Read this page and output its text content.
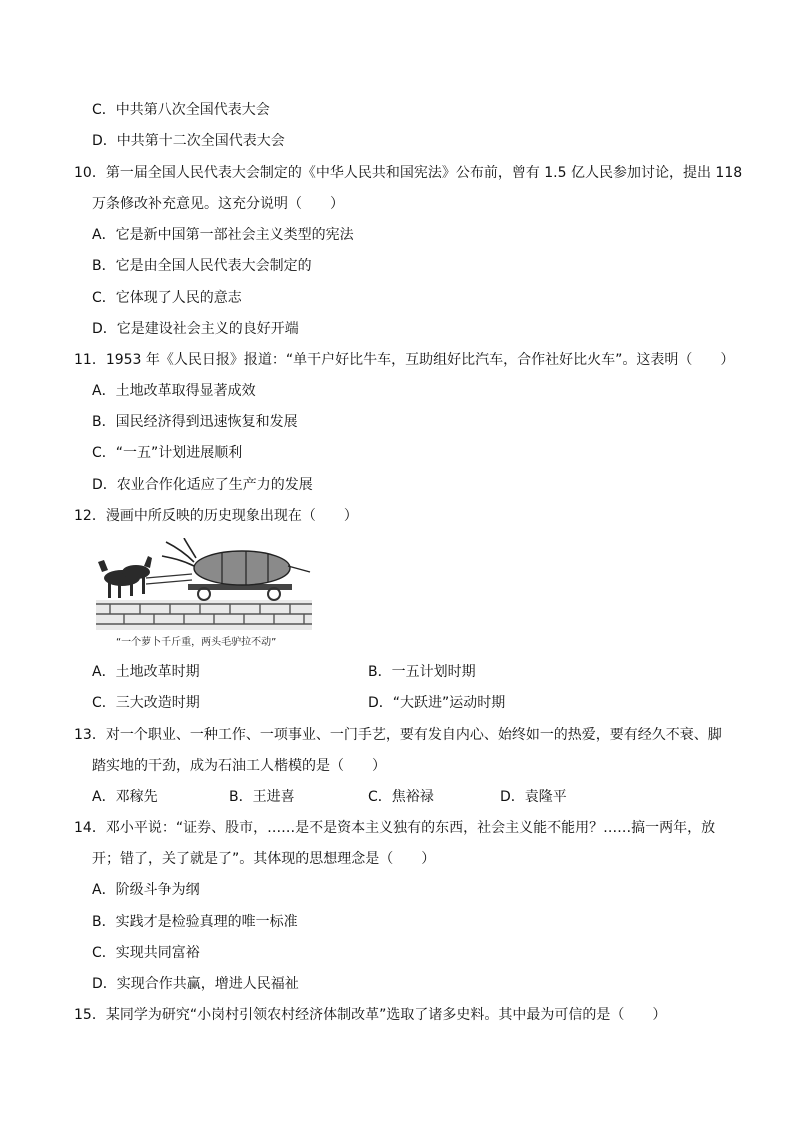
C．中共第八次全国代表大会
D．中共第十二次全国代表大会
10．第一届全国人民代表大会制定的《中华人民共和国宪法》公布前，曾有 1.5 亿人民参加讨论，提出 118
万条修改补充意见。这充分说明（　　）
A．它是新中国第一部社会主义类型的宪法
B．它是由全国人民代表大会制定的
C．它体现了人民的意志
D．它是建设社会主义的良好开端
11．1953 年《人民日报》报道：“单干户好比牛车，互助组好比汽车，合作社好比火车”。这表明（　　）
A．土地改革取得显著成效
B．国民经济得到迅速恢复和发展
C．“一五”计划进展顺利
D．农业合作化适应了生产力的发展
12．漫画中所反映的历史现象出现在（　　）
“一个萝卜千斤重，两头毛驴拉不动”
A．土地改革时期	B．一五计划时期
C．三大改造时期	D．“大跃进”运动时期
13．对一个职业、一种工作、一项事业、一门手艺，要有发自内心、始终如一的热爱，要有经久不衰、脚
踏实地的干劲，成为石油工人楷模的是（　　）
A．邓稼先	B．王进喜	C．焦裕禄	D．袁隆平
14．邓小平说：“证券、股市，……是不是资本主义独有的东西，社会主义能不能用？……搞一两年，放
开；错了，关了就是了”。其体现的思想理念是（　　）
A．阶级斗争为纲
B．实践才是检验真理的唯一标准
C．实现共同富裕
D．实现合作共赢，增进人民福祉
15．某同学为研究“小岗村引领农村经济体制改革”选取了诸多史料。其中最为可信的是（　　）
